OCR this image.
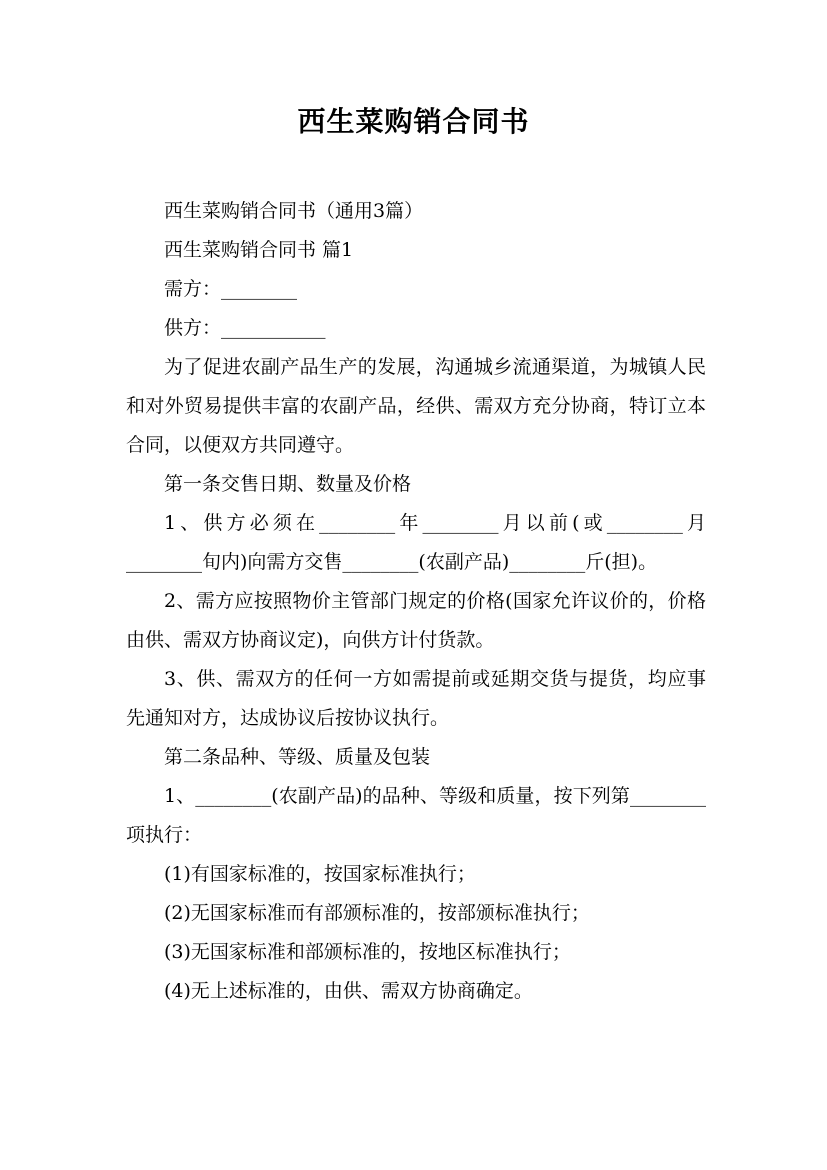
西生菜购销合同书

西生菜购销合同书（通用3篇）

西生菜购销合同书 篇1

需方：________

供方：___________

为了促进农副产品生产的发展，沟通城乡流通渠道，为城镇人民和对外贸易提供丰富的农副产品，经供、需双方充分协商，特订立本合同，以便双方共同遵守。

第一条交售日期、数量及价格

1、供方必须在________年________月以前(或________月________旬内)向需方交售________(农副产品)________斤(担)。

2、需方应按照物价主管部门规定的价格(国家允许议价的，价格由供、需双方协商议定)，向供方计付货款。

3、供、需双方的任何一方如需提前或延期交货与提货，均应事先通知对方，达成协议后按协议执行。

第二条品种、等级、质量及包装

1、________(农副产品)的品种、等级和质量，按下列第________项执行：

(1)有国家标准的，按国家标准执行；

(2)无国家标准而有部颁标准的，按部颁标准执行；

(3)无国家标准和部颁标准的，按地区标准执行；

(4)无上述标准的，由供、需双方协商确定。
